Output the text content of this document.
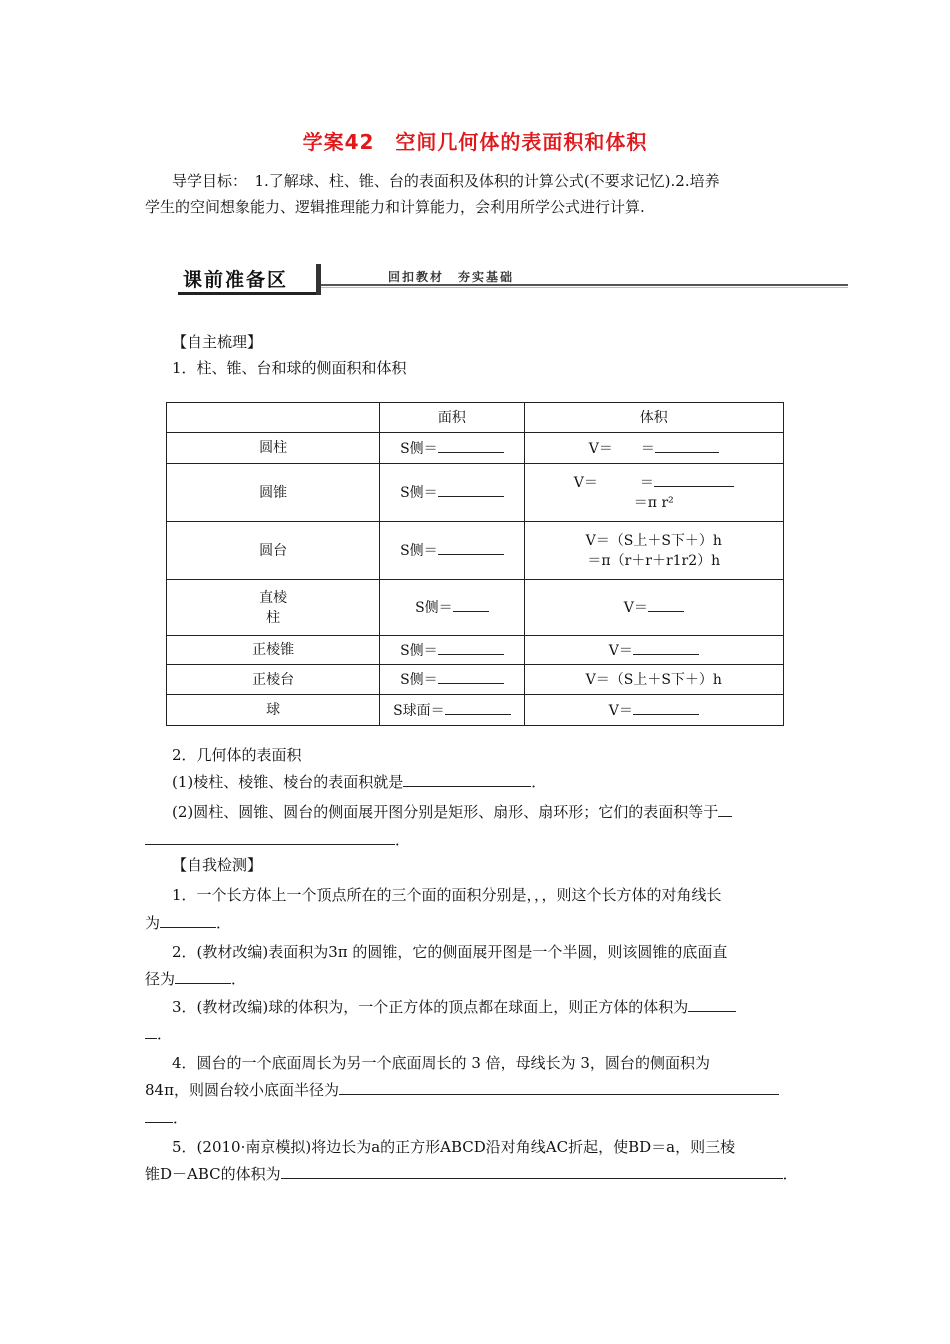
学案42　空间几何体的表面积和体积
导学目标：　1.了解球、柱、锥、台的表面积及体积的计算公式(不要求记忆).2.培养
学生的空间想象能力、逻辑推理能力和计算能力，会利用所学公式进行计算.
课前准备区	回扣教材　夯实基础
【自主梳理】
1．柱、锥、台和球的侧面积和体积
	面积	体积
圆柱	S侧＝	V＝　　＝
圆锥	S侧＝	V＝　　　＝
＝π r²

圆台	S侧＝	V＝（S上＋S下＋）h
＝π（r＋r＋r1r2）h

直棱
柱	S侧＝	V＝
正棱锥	S侧＝	V＝
正棱台	S侧＝	V＝（S上＋S下＋）h
球	S球面＝	V＝
2．几何体的表面积
(1)棱柱、棱锥、棱台的表面积就是	．
(2)圆柱、圆锥、圆台的侧面展开图分别是矩形、扇形、扇环形；它们的表面积等于
．
【自我检测】
1．一个长方体上一个顶点所在的三个面的面积分别是，，，则这个长方体的对角线长
为	．
2．(教材改编)表面积为3π 的圆锥，它的侧面展开图是一个半圆，则该圆锥的底面直
径为	．
3．(教材改编)球的体积为，一个正方体的顶点都在球面上，则正方体的体积为
．
4．圆台的一个底面周长为另一个底面周长的 3 倍，母线长为 3，圆台的侧面积为
84π，则圆台较小底面半径为
．
5．(2010·南京模拟)将边长为a的正方形ABCD沿对角线AC折起，使BD＝a，则三棱
锥D－ABC的体积为	．
